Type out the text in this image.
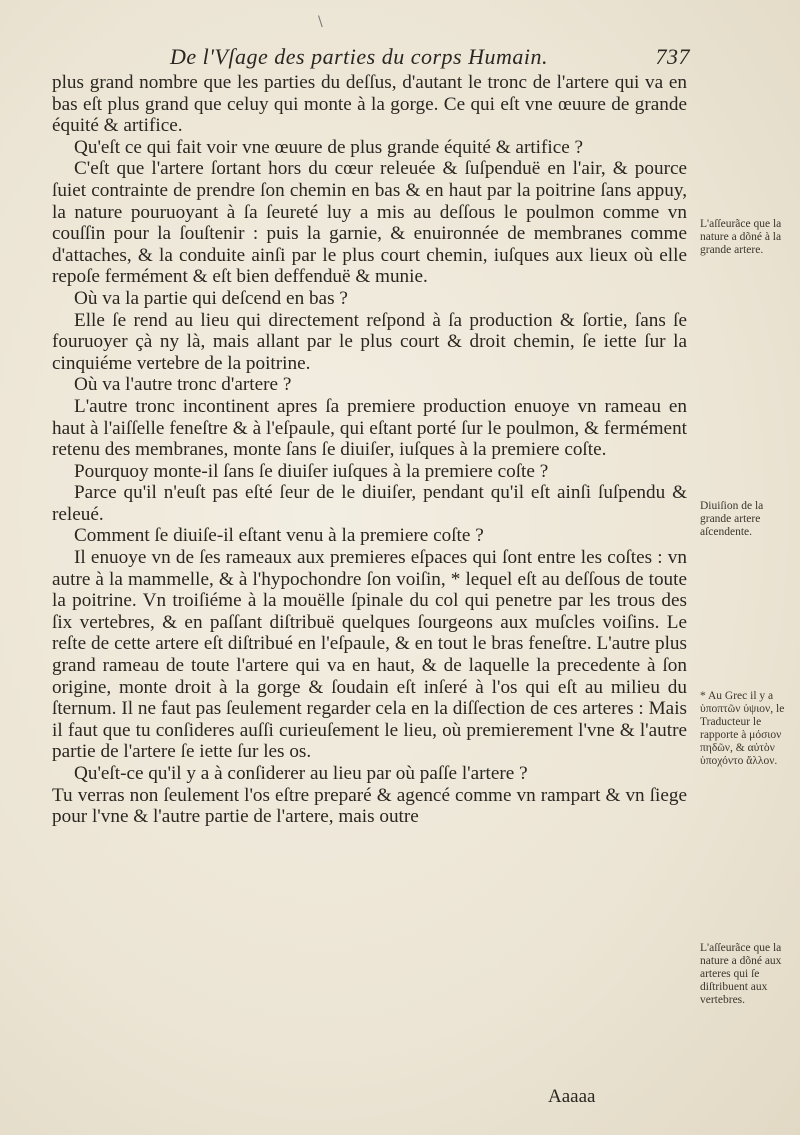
\
De l'Vſage des parties du corps Humain.	737

plus grand nombre que les parties du deſſus, d'autant le tronc de l'artere qui va en bas eſt plus grand que celuy qui monte à la gorge. Ce qui eſt vne œuure de grande équité & artifice.

Qu'eſt ce qui fait voir vne œuure de plus grande équité & artifice ?

C'eſt que l'artere ſortant hors du cœur releuée & ſuſpenduë en l'air, & pource ſuiet contrainte de prendre ſon chemin en bas & en haut par la poitrine ſans appuy, la nature pouruoyant à ſa ſeureté luy a mis au deſſous le poulmon comme vn couſſin pour la ſouſtenir : puis la garnie, & enuironnée de membranes comme d'attaches, & la conduite ainſi par le plus court chemin, iuſques aux lieux où elle repoſe fermément & eſt bien deffenduë & munie.

Où va la partie qui deſcend en bas ?

Elle ſe rend au lieu qui directement reſpond à ſa production & ſortie, ſans ſe fouruoyer çà ny là, mais allant par le plus court & droit chemin, ſe iette ſur la cinquiéme vertebre de la poitrine.

Où va l'autre tronc d'artere ?

L'autre tronc incontinent apres ſa premiere production enuoye vn rameau en haut à l'aiſſelle feneſtre & à l'eſpaule, qui eſtant porté ſur le poulmon, & fermément retenu des membranes, monte ſans ſe diuiſer, iuſques à la premiere coſte.

Pourquoy monte-il ſans ſe diuiſer iuſques à la premiere coſte ?

Parce qu'il n'euſt pas eſté ſeur de le diuiſer, pendant qu'il eſt ainſi ſuſpendu & releué.

Comment ſe diuiſe-il eſtant venu à la premiere coſte ?

Il enuoye vn de ſes rameaux aux premieres eſpaces qui ſont entre les coſtes : vn autre à la mammelle, & à l'hypochondre ſon voiſin, * lequel eſt au deſſous de toute la poitrine. Vn troiſiéme à la mouëlle ſpinale du col qui penetre par les trous des ſix vertebres, & en paſſant diſtribuë quelques ſourgeons aux muſcles voiſins. Le reſte de cette artere eſt diſtribué en l'eſpaule, & en tout le bras feneſtre. L'autre plus grand rameau de toute l'artere qui va en haut, & de laquelle la precedente à ſon origine, monte droit à la gorge & ſoudain eſt inſeré à l'os qui eſt au milieu du ſternum. Il ne faut pas ſeulement regarder cela en la diſſection de ces arteres : Mais il faut que tu conſideres auſſi curieuſement le lieu, où premierement l'vne & l'autre partie de l'artere ſe iette ſur les os.

Qu'eſt-ce qu'il y a à conſiderer au lieu par où paſſe l'artere ?

Tu verras non ſeulement l'os eſtre preparé & agencé comme vn rampart & vn ſiege pour l'vne & l'autre partie de l'artere, mais outre

L'aſſeurãce que la nature a dõné à la grande artere.
Diuiſion de la grande artere aſcendente.
* Au Grec il y a ὑποπτῶν ὑψιον, le Traducteur le rapporte à μόσιον πηδῶν, & αὐτὸν ὑποχόντο ἄλλον.
L'aſſeurãce que la nature a dõné aux arteres qui ſe diſtribuent aux vertebres.
Aaaaa
